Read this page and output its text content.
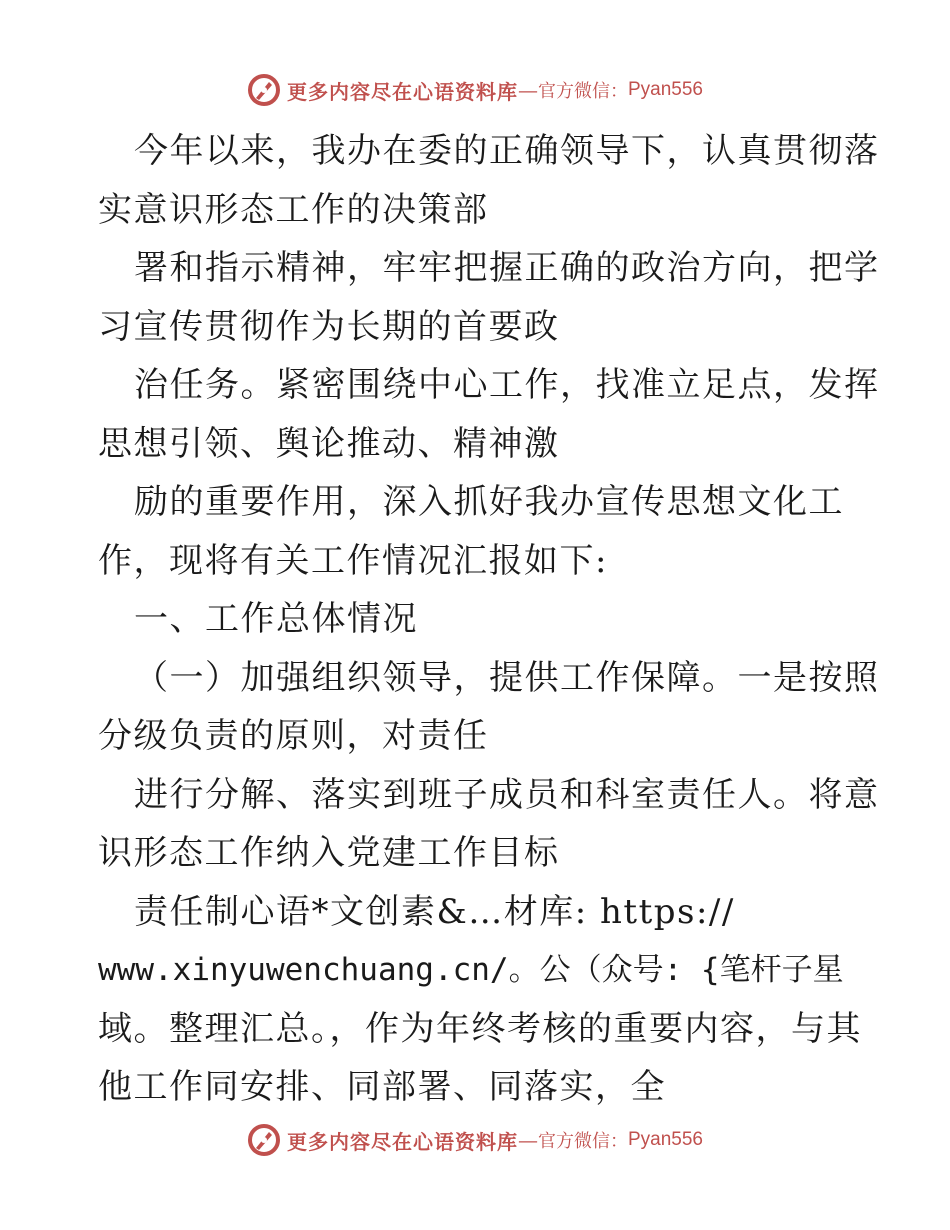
更多内容尽在心语资料库 — 官方微信： Pyan556
今年以来，我办在委的正确领导下，认真贯彻落
实意识形态工作的决策部
署和指示精神，牢牢把握正确的政治方向，把学
习宣传贯彻作为长期的首要政
治任务。紧密围绕中心工作，找准立足点，发挥
思想引领、舆论推动、精神激
励的重要作用，深入抓好我办宣传思想文化工
作，现将有关工作情况汇报如下:
一、工作总体情况
（一）加强组织领导，提供工作保障。一是按照
分级负责的原则，对责任
进行分解、落实到班子成员和科室责任人。将意
识形态工作纳入党建工作目标
责任制心语*文创素&…材库: https://
www.xinyuwenchuang.cn/。公（众号: {笔杆子星
域。整理汇总。，作为年终考核的重要内容，与其
他工作同安排、同部署、同落实，全
更多内容尽在心语资料库 — 官方微信： Pyan556
